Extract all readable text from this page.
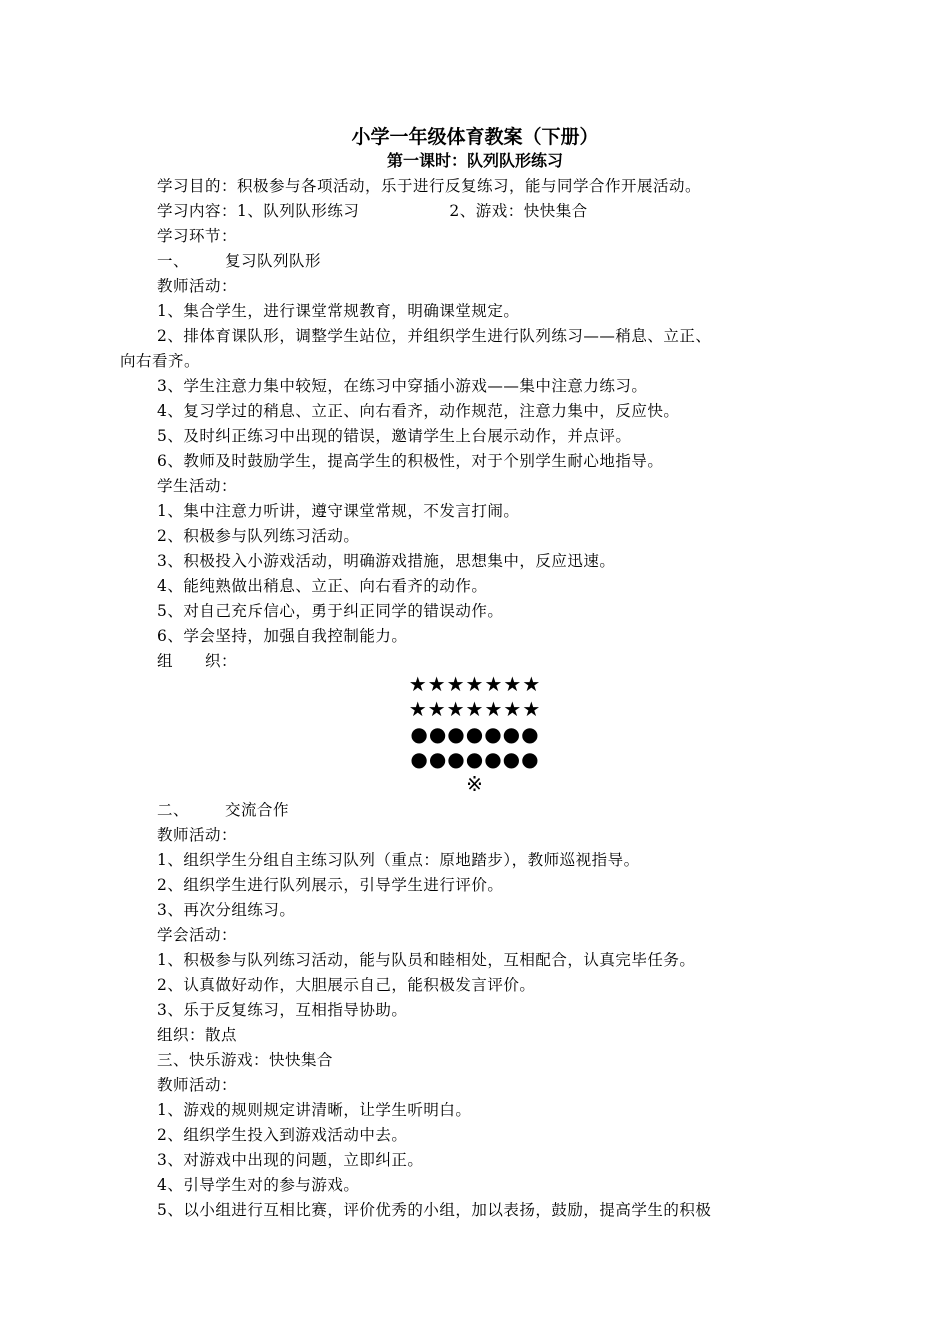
小学一年级体育教案（下册）
第一课时：队列队形练习
学习目的：积极参与各项活动，乐于进行反复练习，能与同学合作开展活动。
学习内容：1、队列队形练习	2、游戏：快快集合
学习环节：
一、 复习队列队形
教师活动：
1、集合学生，进行课堂常规教育，明确课堂规定。
2、排体育课队形，调整学生站位，并组织学生进行队列练习——稍息、立正、
向右看齐。
3、学生注意力集中较短，在练习中穿插小游戏——集中注意力练习。
4、复习学过的稍息、立正、向右看齐，动作规范，注意力集中，反应快。
5、及时纠正练习中出现的错误，邀请学生上台展示动作，并点评。
6、教师及时鼓励学生，提高学生的积极性，对于个别学生耐心地指导。
学生活动：
1、集中注意力听讲，遵守课堂常规，不发言打闹。
2、积极参与队列练习活动。
3、积极投入小游戏活动，明确游戏措施，思想集中，反应迅速。
4、能纯熟做出稍息、立正、向右看齐的动作。
5、对自己充斥信心，勇于纠正同学的错误动作。
6、学会坚持，加强自我控制能力。
组　　织：
★★★★★★★
★★★★★★★
●●●●●●●
●●●●●●●
※
二、 交流合作
教师活动：
1、组织学生分组自主练习队列（重点：原地踏步），教师巡视指导。
2、组织学生进行队列展示，引导学生进行评价。
3、再次分组练习。
学会活动：
1、积极参与队列练习活动，能与队员和睦相处，互相配合，认真完毕任务。
2、认真做好动作，大胆展示自己，能积极发言评价。
3、乐于反复练习，互相指导协助。
组织：散点
三、快乐游戏：快快集合
教师活动：
1、游戏的规则规定讲清晰，让学生听明白。
2、组织学生投入到游戏活动中去。
3、对游戏中出现的问题，立即纠正。
4、引导学生对的参与游戏。
5、以小组进行互相比赛，评价优秀的小组，加以表扬，鼓励，提高学生的积极
